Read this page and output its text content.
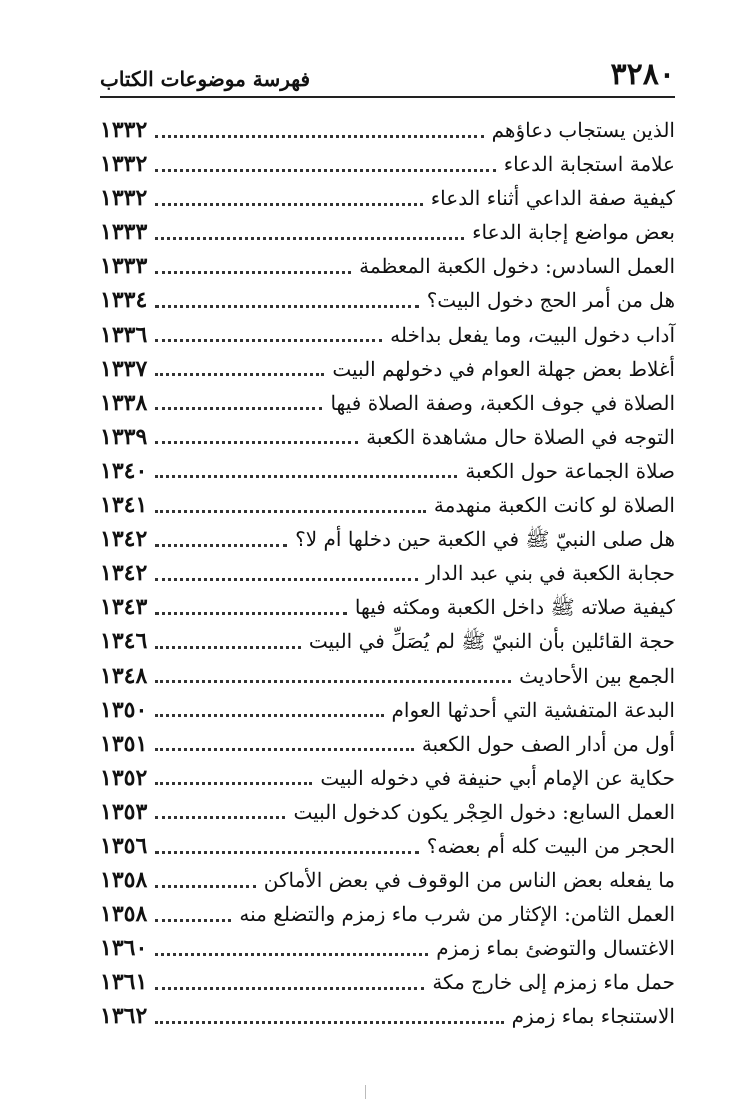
٣٢٨٠
فهرسة موضوعات الكتاب
الذين يستجاب دعاؤهم
١٣٣٢
علامة استجابة الدعاء
١٣٣٢
كيفية صفة الداعي أثناء الدعاء
١٣٣٢
بعض مواضع إجابة الدعاء
١٣٣٣
العمل السادس: دخول الكعبة المعظمة
١٣٣٣
هل من أمر الحج دخول البيت؟
١٣٣٤
آداب دخول البيت، وما يفعل بداخله
١٣٣٦
أغلاط بعض جهلة العوام في دخولهم البيت
١٣٣٧
الصلاة في جوف الكعبة، وصفة الصلاة فيها
١٣٣٨
التوجه في الصلاة حال مشاهدة الكعبة
١٣٣٩
صلاة الجماعة حول الكعبة
١٣٤٠
الصلاة لو كانت الكعبة منهدمة
١٣٤١
هل صلى النبيّ ﷺ في الكعبة حين دخلها أم لا؟
١٣٤٢
حجابة الكعبة في بني عبد الدار
١٣٤٢
كيفية صلاته ﷺ داخل الكعبة ومكثه فيها
١٣٤٣
حجة القائلين بأن النبيّ ﷺ لم يُصَلِّ في البيت
١٣٤٦
الجمع بين الأحاديث
١٣٤٨
البدعة المتفشية التي أحدثها العوام
١٣٥٠
أول من أدار الصف حول الكعبة
١٣٥١
حكاية عن الإمام أبي حنيفة في دخوله البيت
١٣٥٢
العمل السابع: دخول الحِجْر يكون كدخول البيت
١٣٥٣
الحجر من البيت كله أم بعضه؟
١٣٥٦
ما يفعله بعض الناس من الوقوف في بعض الأماكن
١٣٥٨
العمل الثامن: الإكثار من شرب ماء زمزم والتضلع منه
١٣٥٨
الاغتسال والتوضئ بماء زمزم
١٣٦٠
حمل ماء زمزم إلى خارج مكة
١٣٦١
الاستنجاء بماء زمزم
١٣٦٢
